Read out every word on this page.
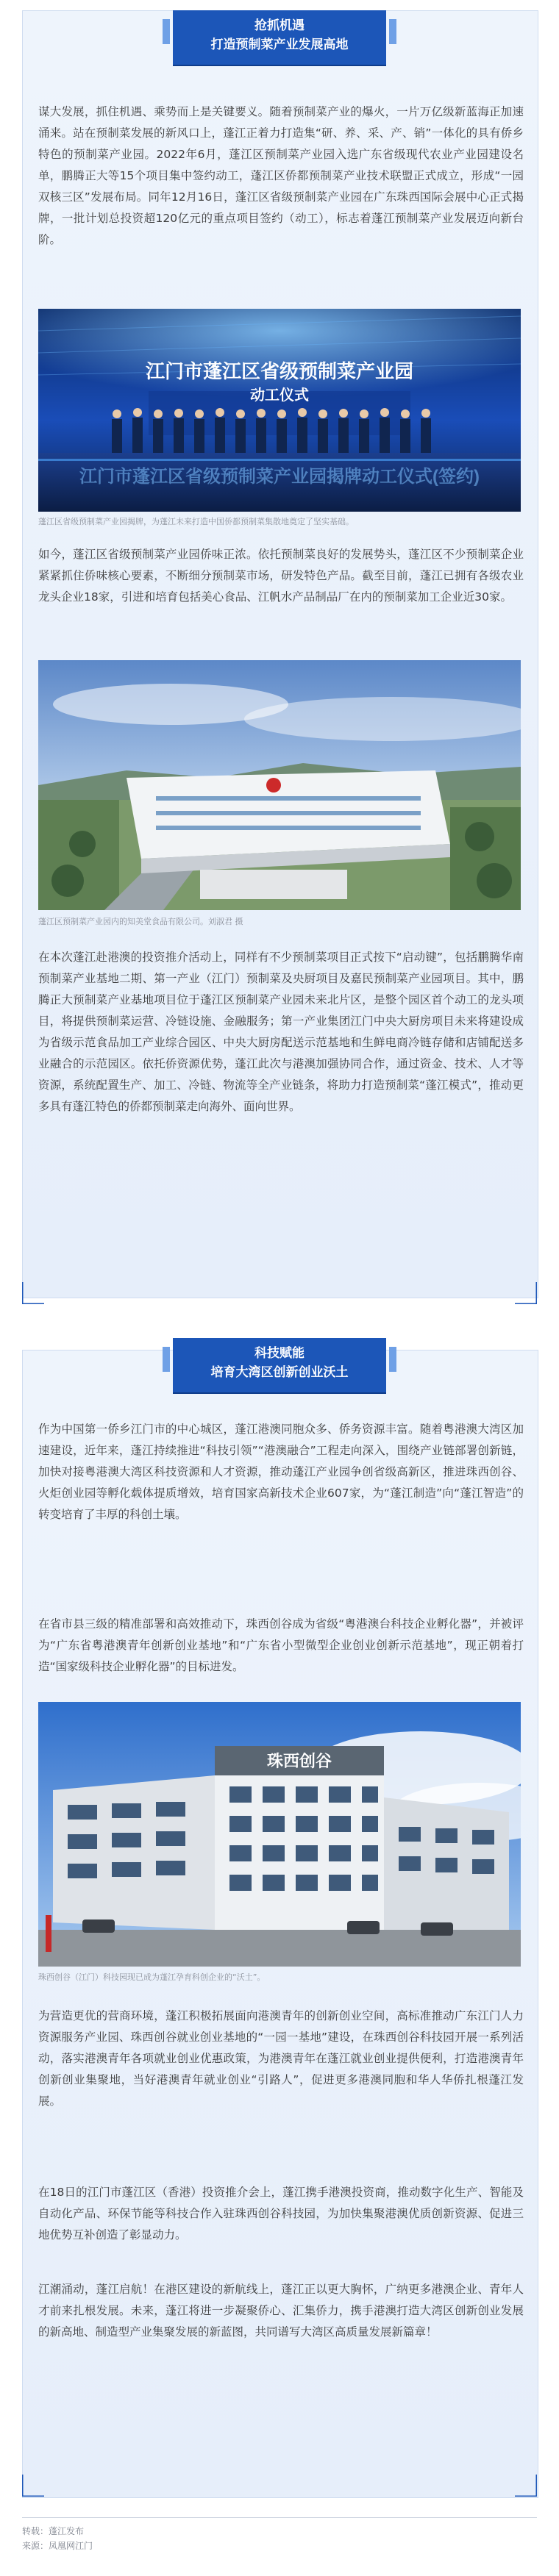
抢抓机遇
打造预制菜产业发展高地

谋大发展，抓住机遇、乘势而上是关键要义。随着预制菜产业的爆火，一片万亿级新蓝海正加速涌来。站在预制菜发展的新风口上，蓬江正着力打造集“研、养、采、产、销”一体化的具有侨乡特色的预制菜产业园。2022年6月，蓬江区预制菜产业园入选广东省级现代农业产业园建设名单，鹏腾正大等15个项目集中签约动工，蓬江区侨都预制菜产业技术联盟正式成立，形成“一园双核三区”发展布局。同年12月16日，蓬江区省级预制菜产业园在广东珠西国际会展中心正式揭牌，一批计划总投资超120亿元的重点项目签约（动工），标志着蓬江预制菜产业发展迈向新台阶。

江门市蓬江区省级预制菜产业园揭牌动工仪式(签约)
江门市蓬江区省级预制菜产业园
动工仪式
蓬江区省级预制菜产业园揭牌，为蓬江未来打造中国侨都预制菜集散地奠定了坚实基础。

如今，蓬江区省级预制菜产业园侨味正浓。依托预制菜良好的发展势头，蓬江区不少预制菜企业紧紧抓住侨味核心要素，不断细分预制菜市场，研发特色产品。截至目前，蓬江已拥有各级农业龙头企业18家，引进和培育包括美心食品、江帆水产品制品厂在内的预制菜加工企业近30家。

蓬江区预制菜产业园内的知美堂食品有限公司。刘淑君 摄

在本次蓬江赴港澳的投资推介活动上，同样有不少预制菜项目正式按下“启动键”，包括鹏腾华南预制菜产业基地二期、第一产业（江门）预制菜及央厨项目及嘉民预制菜产业园项目。其中，鹏腾正大预制菜产业基地项目位于蓬江区预制菜产业园未来北片区，是整个园区首个动工的龙头项目，将提供预制菜运营、冷链设施、金融服务；第一产业集团江门中央大厨房项目未来将建设成为省级示范食品加工产业综合园区、中央大厨房配送示范基地和生鲜电商冷链存储和店铺配送多业融合的示范园区。依托侨资源优势，蓬江此次与港澳加强协同合作，通过资金、技术、人才等资源，系统配置生产、加工、冷链、物流等全产业链条，将助力打造预制菜“蓬江模式”，推动更多具有蓬江特色的侨都预制菜走向海外、面向世界。

科技赋能
培育大湾区创新创业沃土

作为中国第一侨乡江门市的中心城区，蓬江港澳同胞众多、侨务资源丰富。随着粤港澳大湾区加速建设，近年来，蓬江持续推进“科技引领”“港澳融合”工程走向深入，围绕产业链部署创新链，加快对接粤港澳大湾区科技资源和人才资源，推动蓬江产业园争创省级高新区，推进珠西创谷、火炬创业园等孵化载体提质增效，培育国家高新技术企业607家，为“蓬江制造”向“蓬江智造”的转变培育了丰厚的科创土壤。

在省市县三级的精准部署和高效推动下，珠西创谷成为省级“粤港澳台科技企业孵化器”，并被评为“广东省粤港澳青年创新创业基地”和“广东省小型微型企业创业创新示范基地”，现正朝着打造“国家级科技企业孵化器”的目标进发。

珠西创谷
珠西创谷（江门）科技园现已成为蓬江孕育科创企业的“沃土”。

为营造更优的营商环境，蓬江积极拓展面向港澳青年的创新创业空间，高标准推动广东江门人力资源服务产业园、珠西创谷就业创业基地的“一园一基地”建设，在珠西创谷科技园开展一系列活动，落实港澳青年各项就业创业优惠政策，为港澳青年在蓬江就业创业提供便利，打造港澳青年创新创业集聚地，当好港澳青年就业创业“引路人”，促进更多港澳同胞和华人华侨扎根蓬江发展。

在18日的江门市蓬江区（香港）投资推介会上，蓬江携手港澳投资商，推动数字化生产、智能及自动化产品、环保节能等科技合作入驻珠西创谷科技园，为加快集聚港澳优质创新资源、促进三地优势互补创造了彰显动力。

江潮涌动，蓬江启航！在港区建设的新航线上，蓬江正以更大胸怀，广纳更多港澳企业、青年人才前来扎根发展。未来，蓬江将进一步凝聚侨心、汇集侨力，携手港澳打造大湾区创新创业发展的新高地、制造型产业集聚发展的新蓝图，共同谱写大湾区高质量发展新篇章！

转载：蓬江发布
来源：凤凰网江门
